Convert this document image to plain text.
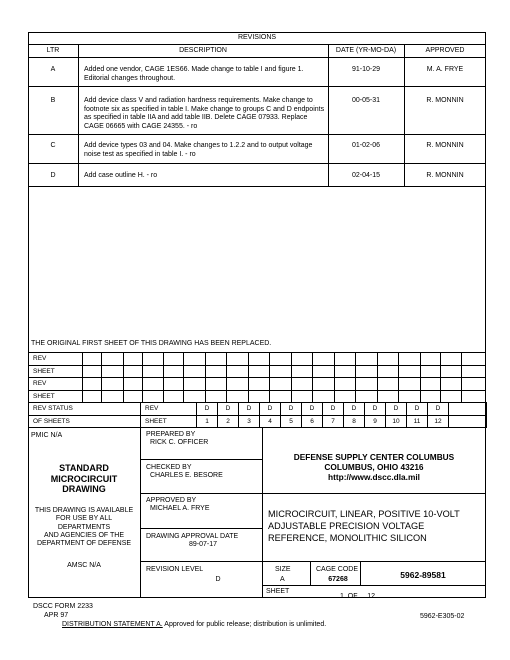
REVISIONS
LTR	DESCRIPTION	DATE (YR-MO-DA)	APPROVED
A	Added one vendor, CAGE 1ES66. Made change to table I and figure 1.
Editorial changes throughout.
91-10-29	M. A. FRYE
B	Add device class V and radiation hardness requirements. Make change to
footnote six as specified in table I. Make change to groups C and D endpoints
as specified in table IIA and add table IIB. Delete CAGE 07933. Replace
CAGE 06665 with CAGE 24355. - ro
00-05-31	R. MONNIN
C	Add device types 03 and 04. Make changes to 1.2.2 and to output voltage
noise test as specified in table I. - ro
01-02-06	R. MONNIN
D	Add case outline H. - ro	02-04-15	R. MONNIN
THE ORIGINAL FIRST SHEET OF THIS DRAWING HAS BEEN REPLACED.
REV																			
SHEET																			
REV																			
SHEET																			
REV STATUS	REV	D	D	D	D	D	D	D	D	D	D	D	D	
OF SHEETS	SHEET	1	2	3	4	5	6	7	8	9	10	11	12	
PMIC N/A
STANDARD
MICROCIRCUIT
DRAWING
THIS DRAWING IS AVAILABLE
FOR USE BY ALL
DEPARTMENTS
AND AGENCIES OF THE
DEPARTMENT OF DEFENSE
AMSC N/A
PREPARED BY
RICK C. OFFICER
CHECKED BY
CHARLES E. BESORE
APPROVED BY
MICHAEL A. FRYE
DRAWING APPROVAL DATE
89-07-17
REVISION LEVEL
D
DEFENSE SUPPLY CENTER COLUMBUS
COLUMBUS, OHIO 43216
http://www.dscc.dla.mil
MICROCIRCUIT, LINEAR, POSITIVE 10-VOLT
ADJUSTABLE PRECISION VOLTAGE
REFERENCE, MONOLITHIC SILICON
SIZE
A
CAGE CODE
67268	5962-89581
SHEET
1 OF 12
DSCC FORM 2233
APR 97	5962-E305-02
DISTRIBUTION STATEMENT A. Approved for public release; distribution is unlimited.
